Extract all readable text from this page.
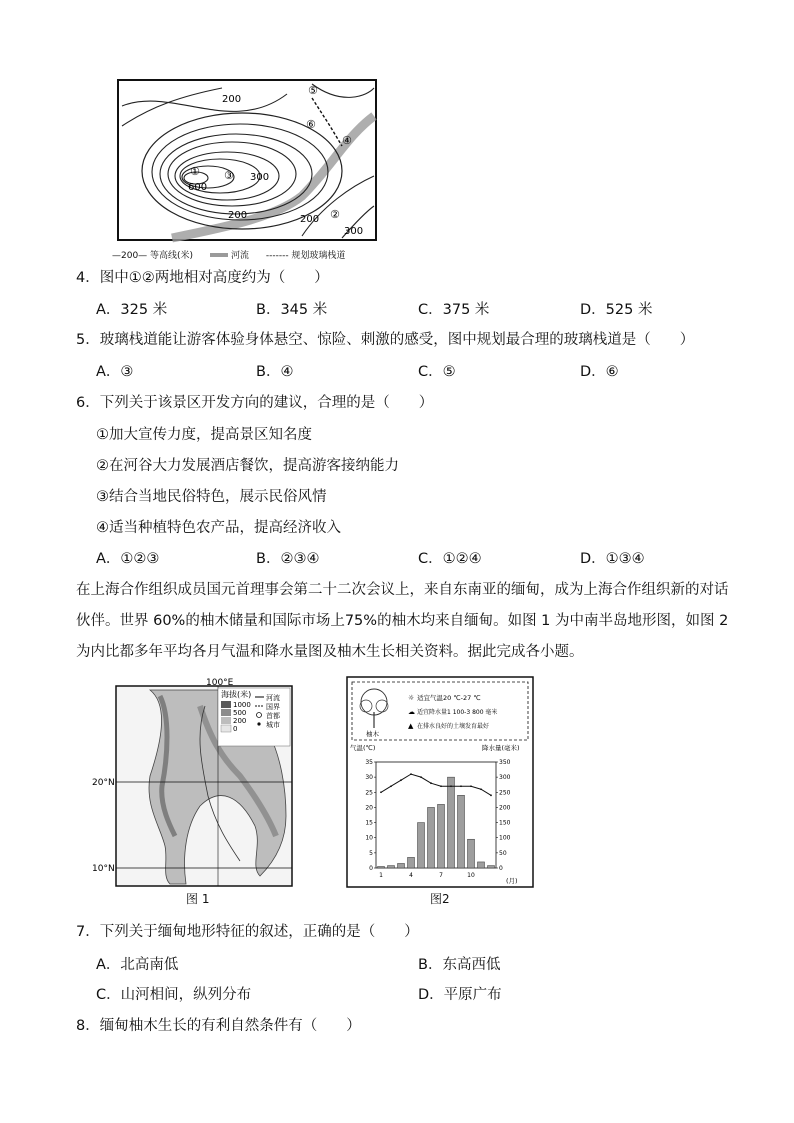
200
200	200
300
300
600
①
②
③
④
⑤
⑥
—200— 等高线(米)	河流 ------- 规划玻璃栈道
4．图中①②两地相对高度约为（　　）
A．325 米	B．345 米	C．375 米	D．525 米
5．玻璃栈道能让游客体验身体悬空、惊险、刺激的感受，图中规划最合理的玻璃栈道是（　　）
A．③	B．④	C．⑤	D．⑥
6．下列关于该景区开发方向的建议，合理的是（　　）
①加大宣传力度，提高景区知名度
②在河谷大力发展酒店餐饮，提高游客接纳能力
③结合当地民俗特色，展示民俗风情
④适当种植特色农产品，提高经济收入
A．①②③	B．②③④	C．①②④	D．①③④
在上海合作组织成员国元首理事会第二十二次会议上，来自东南亚的缅甸，成为上海合作组织新的对话伙伴。世界 60%的柚木储量和国际市场上75%的柚木均来自缅甸。如图 1 为中南半岛地形图，如图 2 为内比都多年平均各月气温和降水量图及柚木生长相关资料。据此完成各小题。
100°E
20°N
10°N
海拔(米)
1000
500
200
0
河流
国界
首都
城市
图 1
柚木
☼ 适宜气温20 ℃-27 ℃
☁ 适宜降水量1 100-3 800 毫米
▲ 在排水良好的土壤发育最好
气温(℃)	降水量(毫米)
(月)
0
5
10
15
20
25
30
35
0
50
100
150
200
250
300
350
1	4	7	10
图2
7．下列关于缅甸地形特征的叙述，正确的是（　　）
A．北高南低	B．东高西低
C．山河相间，纵列分布	D．平原广布
8．缅甸柚木生长的有利自然条件有（　　）
